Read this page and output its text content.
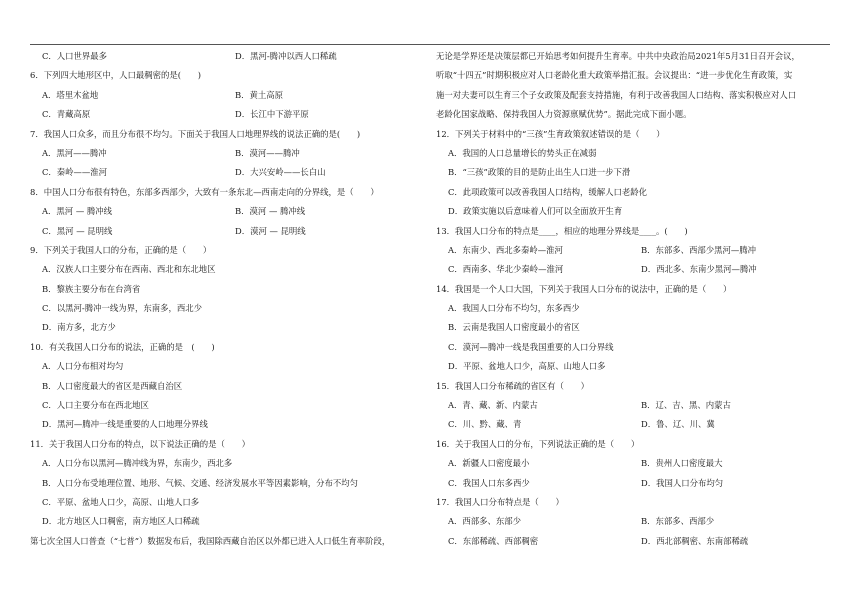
C．人口世界最多	D．黑河-腾冲以西人口稀疏
6．下列四大地形区中，人口最稠密的是(　　)
A．塔里木盆地	B．黄土高原
C．青藏高原	D．长江中下游平原
7．我国人口众多，而且分布很不均匀。下面关于我国人口地理界线的说法正确的是(　　)
A．黑河——腾冲	B．漠河——腾冲
C．秦岭——淮河	D．大兴安岭——长白山
8．中国人口分布很有特色，东部多西部少，大致有一条东北—西南走向的分界线，是（　　）
A．黑河 — 腾冲线	B．漠河 — 腾冲线
C．黑河 — 昆明线	D．漠河 — 昆明线
9．下列关于我国人口的分布，正确的是（　　）
A．汉族人口主要分布在西南、西北和东北地区
B．黎族主要分布在台湾省
C．以黑河-腾冲一线为界，东南多，西北少
D．南方多，北方少
10．有关我国人口分布的说法，正确的是　(　　)
A．人口分布相对均匀
B．人口密度最大的省区是西藏自治区
C．人口主要分布在西北地区
D．黑河—腾冲一线是重要的人口地理分界线
11．关于我国人口分布的特点，以下说法正确的是（　　）
A．人口分布以黑河—腾冲线为界，东南少，西北多
B．人口分布受地理位置、地形、气候、交通、经济发展水平等因素影响，分布不均匀
C．平原、盆地人口少，高原、山地人口多
D．北方地区人口稠密，南方地区人口稀疏
第七次全国人口普查（“七普”）数据发布后，我国除西藏自治区以外都已进入人口低生育率阶段，
无论是学界还是决策层都已开始思考如何提升生育率。中共中央政治局2021年5月31日召开会议，
听取“十四五”时期积极应对人口老龄化重大政策举措汇报。会议提出：“进一步优化生育政策，实
施一对夫妻可以生育三个子女政策及配套支持措施，有利于改善我国人口结构、落实积极应对人口
老龄化国家战略、保持我国人力资源禀赋优势”。据此完成下面小题。
12．下列关于材料中的“三孩”生育政策叙述错误的是（　　）
A．我国的人口总量增长的势头正在减弱
B．“三孩”政策的目的是防止出生人口进一步下滑
C．此项政策可以改善我国人口结构，缓解人口老龄化
D．政策实施以后意味着人们可以全面放开生育
13．我国人口分布的特点是____，相应的地理分界线是____。(　　)
A．东南少、西北多秦岭—淮河	B．东部多、西部少黑河—腾冲
C．西南多、华北少秦岭—淮河	D．西北多、东南少黑河—腾冲
14．我国是一个人口大国，下列关于我国人口分布的说法中，正确的是（　　）
A．我国人口分布不均匀，东多西少
B．云南是我国人口密度最小的省区
C．漠河—腾冲一线是我国重要的人口分界线
D．平原、盆地人口少，高原、山地人口多
15．我国人口分布稀疏的省区有（　　）
A．青、藏、新、内蒙古	B．辽、吉、黑、内蒙古
C．川、黔、藏、青	D．鲁、辽、川、冀
16．关于我国人口的分布，下列说法正确的是（　　）
A．新疆人口密度最小	B．贵州人口密度最大
C．我国人口东多西少	D．我国人口分布均匀
17．我国人口分布特点是（　　）
A．西部多、东部少	B．东部多、西部少
C．东部稀疏、西部稠密	D．西北部稠密、东南部稀疏
